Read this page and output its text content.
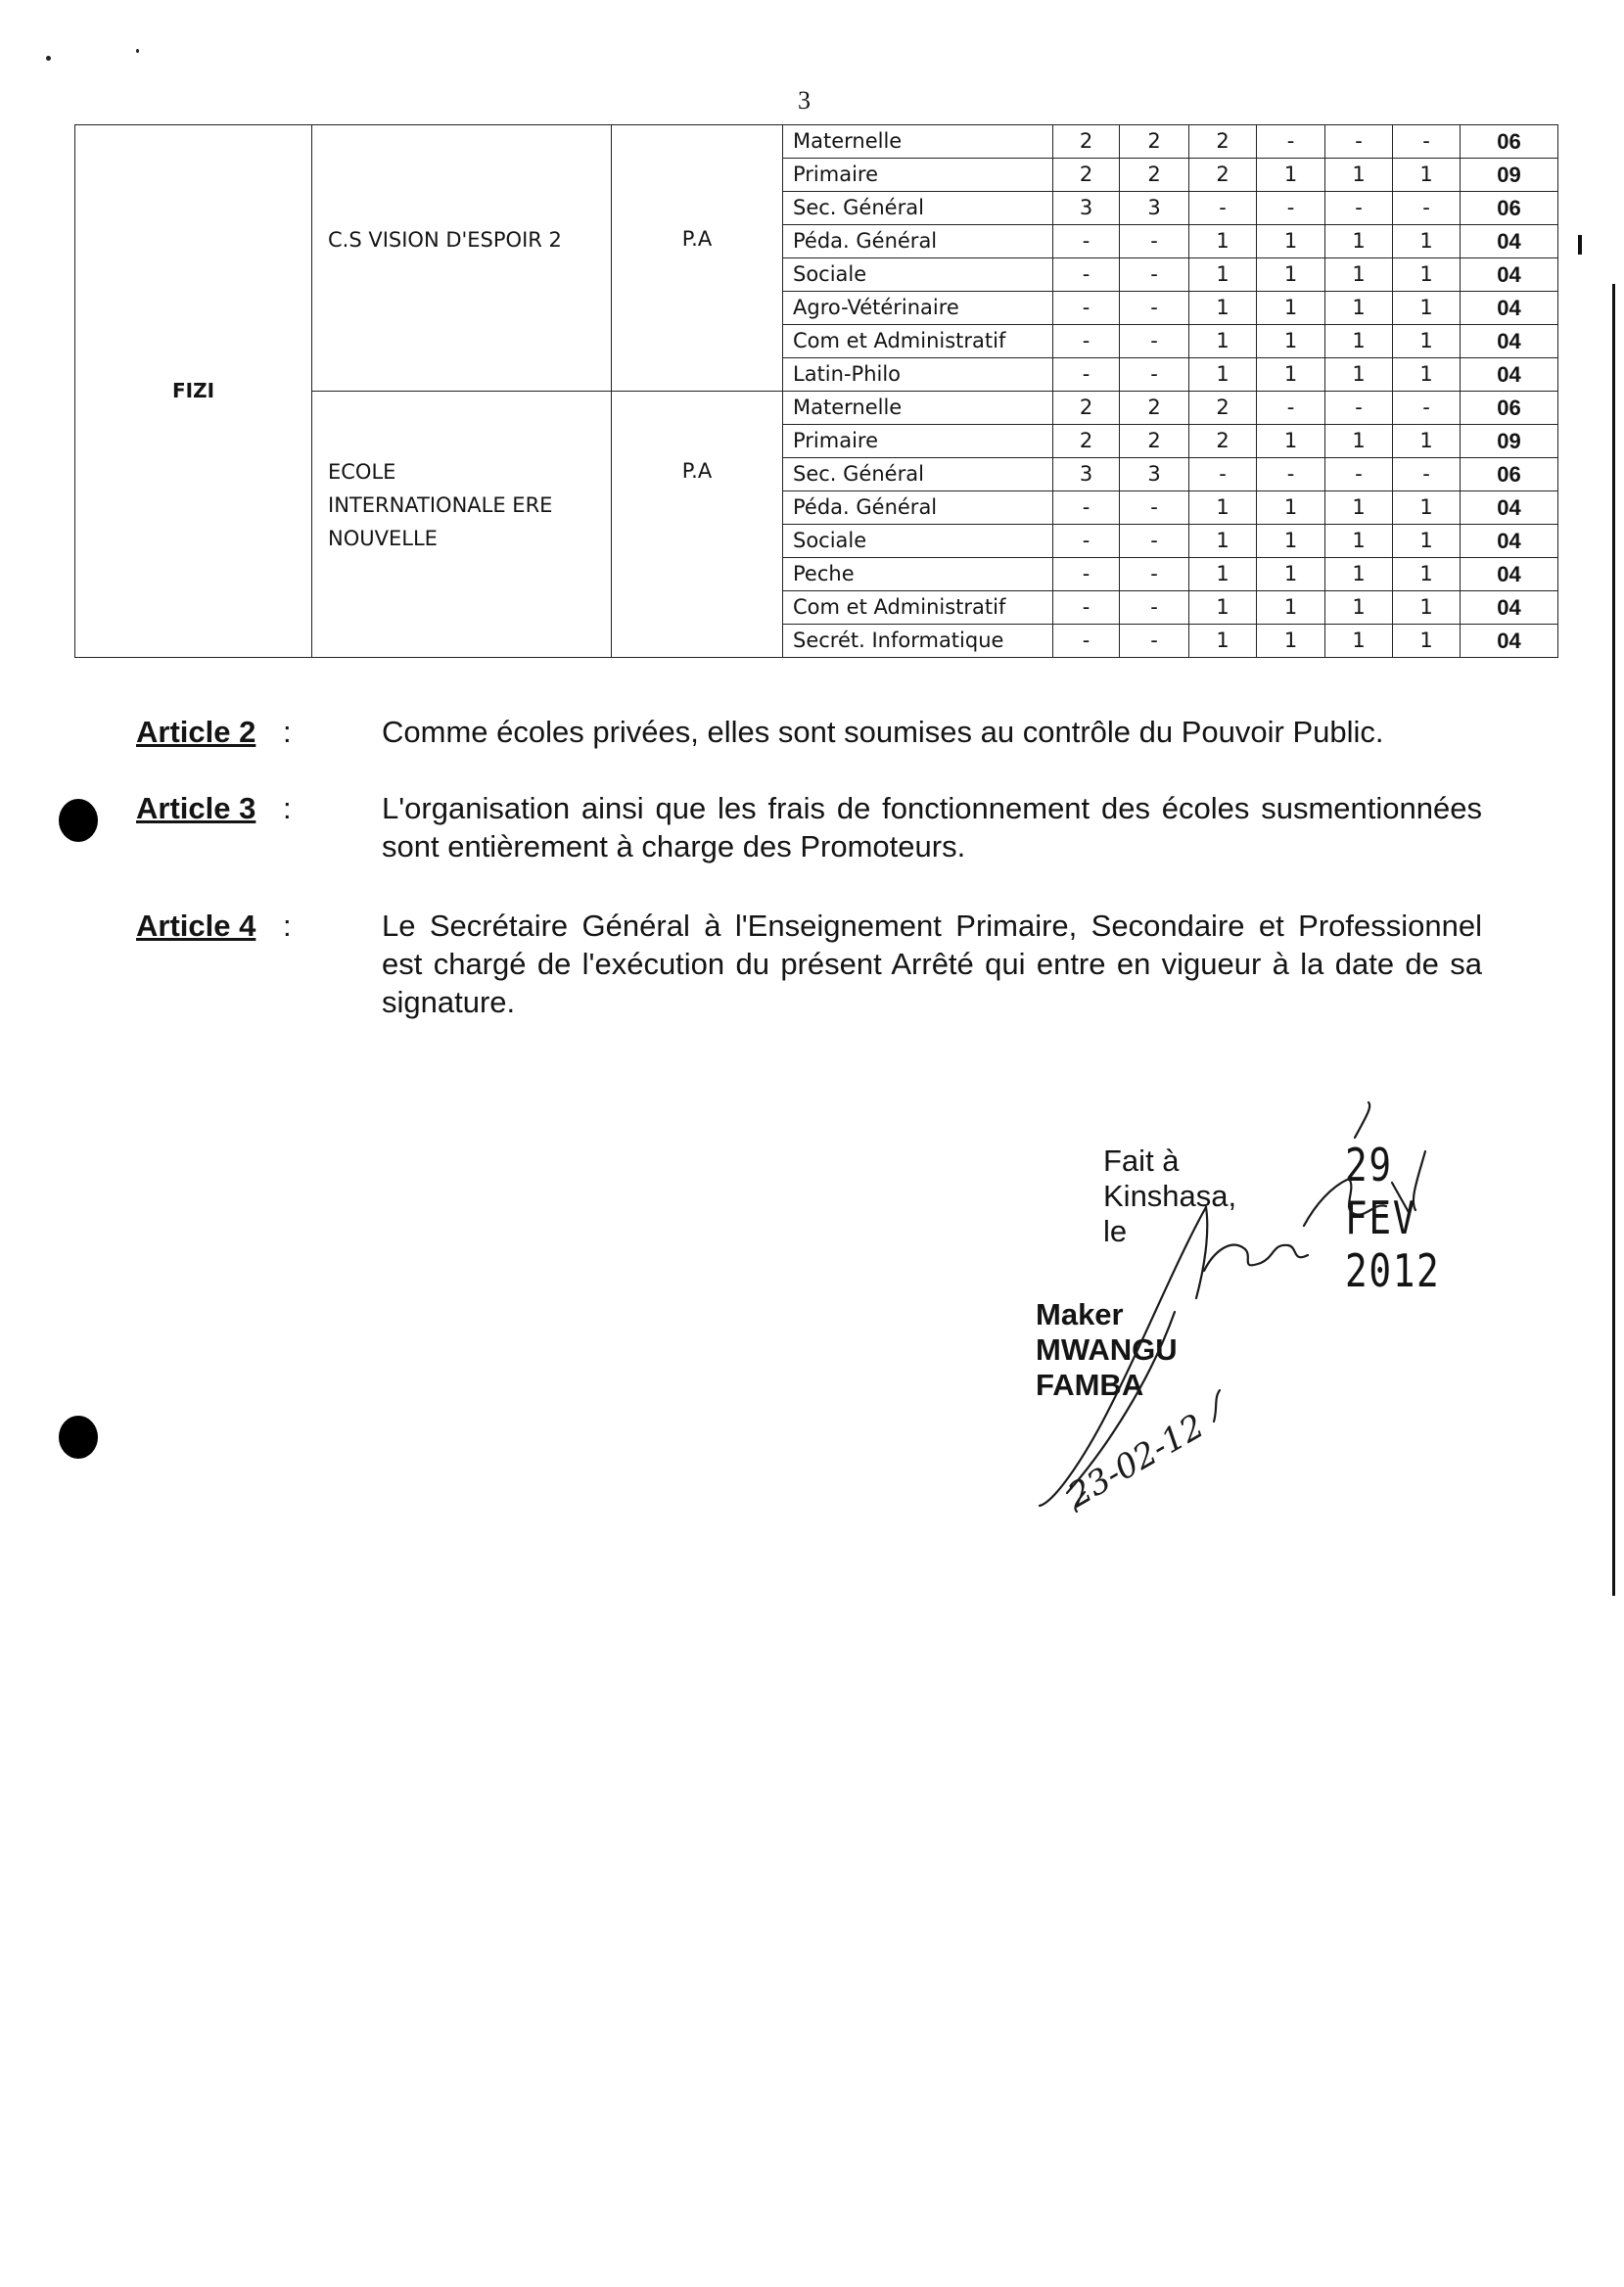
3
FIZI	C.S VISION D'ESPOIR 2	P.A	Maternelle	2	2	2	-	-	-	06
			Primaire	2	2	2	1	1	1	09
			Sec. Général	3	3	-	-	-	-	06
			Péda. Général	-	-	1	1	1	1	04
			Sociale	-	-	1	1	1	1	04
			Agro-Vétérinaire	-	-	1	1	1	1	04
			Com et Administratif	-	-	1	1	1	1	04
			Latin-Philo	-	-	1	1	1	1	04

	ECOLE
INTERNATIONALE ERE
NOUVELLE	P.A	Maternelle	2	2	2	-	-	-	06
			Primaire	2	2	2	1	1	1	09
			Sec. Général	3	3	-	-	-	-	06
			Péda. Général	-	-	1	1	1	1	04
			Sociale	-	-	1	1	1	1	04
			Peche	-	-	1	1	1	1	04
			Com et Administratif	-	-	1	1	1	1	04
			Secrét. Informatique	-	-	1	1	1	1	04
Article 2 :	Comme écoles privées, elles sont soumises au contrôle du Pouvoir Public.
Article 3 :	L'organisation ainsi que les frais de fonctionnement des écoles susmentionnées sont entièrement à charge des Promoteurs.
Article 4 :	Le Secrétaire Général à l'Enseignement Primaire, Secondaire et Professionnel est chargé de l'exécution du présent Arrêté qui entre en vigueur à la date de sa signature.
Fait à Kinshasa, le
29 FEV 2012
Maker MWANGU FAMBA
23-02-12
